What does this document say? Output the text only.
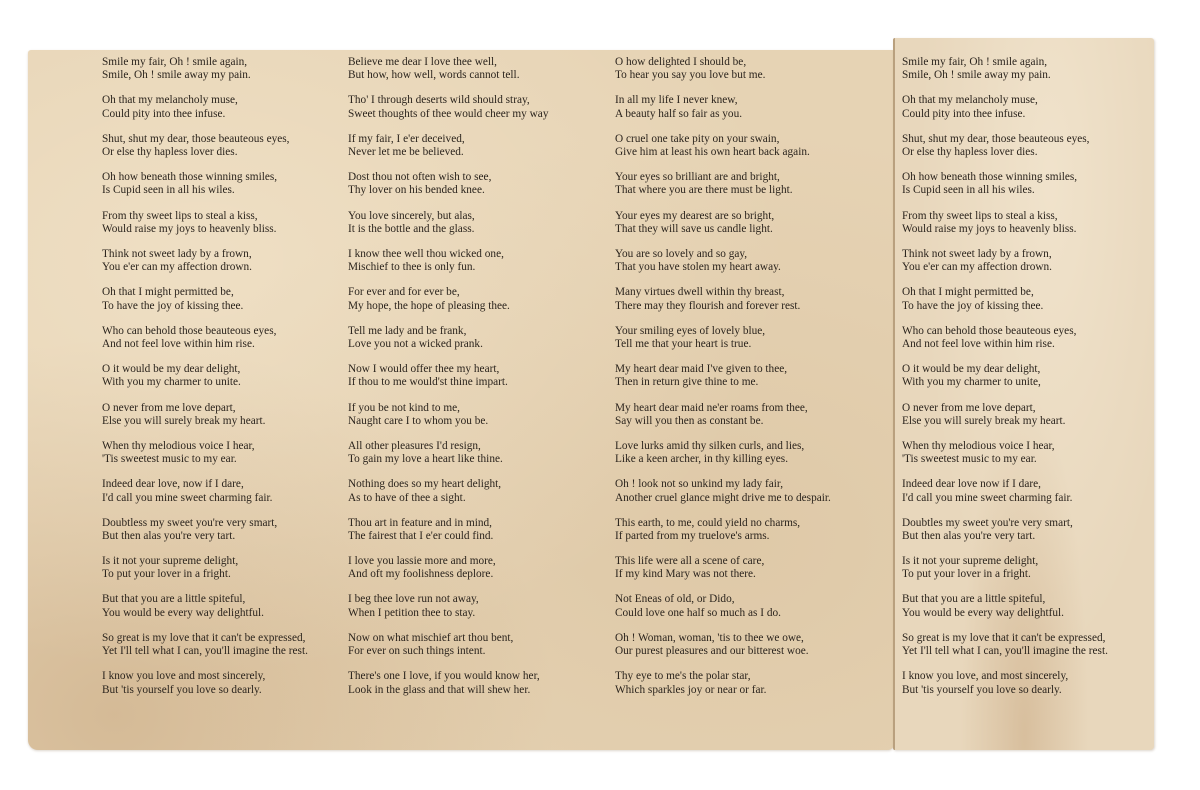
Smile my fair, Oh ! smile again,
Smile, Oh ! smile away my pain.
Oh that my melancholy muse,
Could pity into thee infuse.
Shut, shut my dear, those beauteous eyes,
Or else thy hapless lover dies.
Oh how beneath those winning smiles,
Is Cupid seen in all his wiles.
From thy sweet lips to steal a kiss,
Would raise my joys to heavenly bliss.
Think not sweet lady by a frown,
You e'er can my affection drown.
Oh that I might permitted be,
To have the joy of kissing thee.
Who can behold those beauteous eyes,
And not feel love within him rise.
O it would be my dear delight,
With you my charmer to unite.
O never from me love depart,
Else you will surely break my heart.
When thy melodious voice I hear,
'Tis sweetest music to my ear.
Indeed dear love, now if I dare,
I'd call you mine sweet charming fair.
Doubtless my sweet you're very smart,
But then alas you're very tart.
Is it not your supreme delight,
To put your lover in a fright.
But that you are a little spiteful,
You would be every way delightful.
So great is my love that it can't be expressed,
Yet I'll tell what I can, you'll imagine the rest.
I know you love and most sincerely,
But 'tis yourself you love so dearly.
Believe me dear I love thee well,
But how, how well, words cannot tell.
Tho' I through deserts wild should stray,
Sweet thoughts of thee would cheer my way
If my fair, I e'er deceived,
Never let me be believed.
Dost thou not often wish to see,
Thy lover on his bended knee.
You love sincerely, but alas,
It is the bottle and the glass.
I know thee well thou wicked one,
Mischief to thee is only fun.
For ever and for ever be,
My hope, the hope of pleasing thee.
Tell me lady and be frank,
Love you not a wicked prank.
Now I would offer thee my heart,
If thou to me would'st thine impart.
If you be not kind to me,
Naught care I to whom you be.
All other pleasures I'd resign,
To gain my love a heart like thine.
Nothing does so my heart delight,
As to have of thee a sight.
Thou art in feature and in mind,
The fairest that I e'er could find.
I love you lassie more and more,
And oft my foolishness deplore.
I beg thee love run not away,
When I petition thee to stay.
Now on what mischief art thou bent,
For ever on such things intent.
There's one I love, if you would know her,
Look in the glass and that will shew her.
O how delighted I should be,
To hear you say you love but me.
In all my life I never knew,
A beauty half so fair as you.
O cruel one take pity on your swain,
Give him at least his own heart back again.
Your eyes so brilliant are and bright,
That where you are there must be light.
Your eyes my dearest are so bright,
That they will save us candle light.
You are so lovely and so gay,
That you have stolen my heart away.
Many virtues dwell within thy breast,
There may they flourish and forever rest.
Your smiling eyes of lovely blue,
Tell me that your heart is true.
My heart dear maid I've given to thee,
Then in return give thine to me.
My heart dear maid ne'er roams from thee,
Say will you then as constant be.
Love lurks amid thy silken curls, and lies,
Like a keen archer, in thy killing eyes.
Oh ! look not so unkind my lady fair,
Another cruel glance might drive me to despair.
This earth, to me, could yield no charms,
If parted from my truelove's arms.
This life were all a scene of care,
If my kind Mary was not there.
Not Eneas of old, or Dido,
Could love one half so much as I do.
Oh ! Woman, woman, 'tis to thee we owe,
Our purest pleasures and our bitterest woe.
Thy eye to me's the polar star,
Which sparkles joy or near or far.
Smile my fair, Oh ! smile again,
Smile, Oh ! smile away my pain.
Oh that my melancholy muse,
Could pity into thee infuse.
Shut, shut my dear, those beauteous eyes,
Or else thy hapless lover dies.
Oh how beneath those winning smiles,
Is Cupid seen in all his wiles.
From thy sweet lips to steal a kiss,
Would raise my joys to heavenly bliss.
Think not sweet lady by a frown,
You e'er can my affection drown.
Oh that I might permitted be,
To have the joy of kissing thee.
Who can behold those beauteous eyes,
And not feel love within him rise.
O it would be my dear delight,
With you my charmer to unite,
O never from me love depart,
Else you will surely break my heart.
When thy melodious voice I hear,
'Tis sweetest music to my ear.
Indeed dear love now if I dare,
I'd call you mine sweet charming fair.
Doubtles my sweet you're very smart,
But then alas you're very tart.
Is it not your supreme delight,
To put your lover in a fright.
But that you are a little spiteful,
You would be every way delightful.
So great is my love that it can't be expressed,
Yet I'll tell what I can, you'll imagine the rest.
I know you love, and most sincerely,
But 'tis yourself you love so dearly.
